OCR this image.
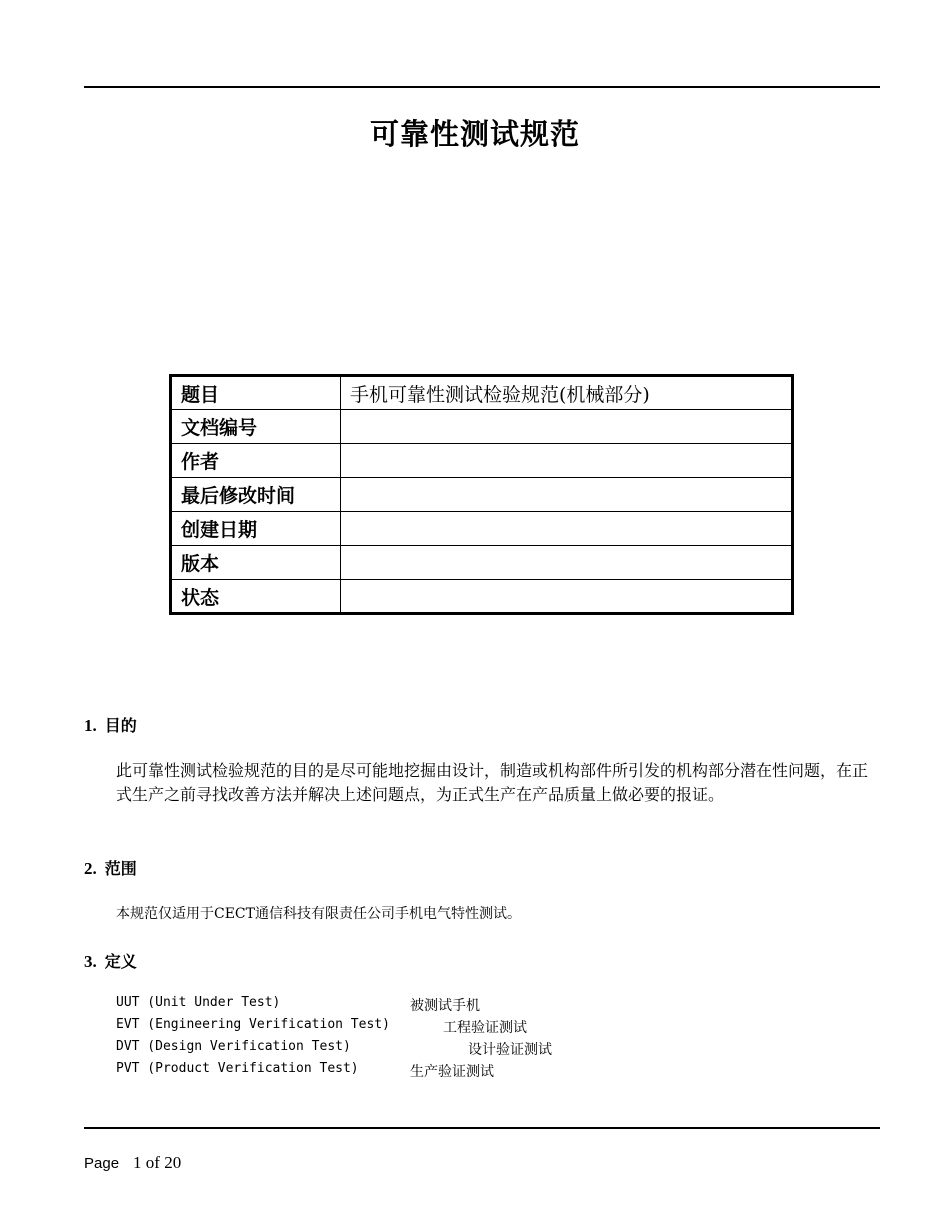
可靠性测试规范
题目	手机可靠性测试检验规范(机械部分)
文档编号	
作者	
最后修改时间	
创建日期	
版本	
状态	
1. 目的
此可靠性测试检验规范的目的是尽可能地挖掘由设计，制造或机构部件所引发的机构部分潜在性问题，在正式生产之前寻找改善方法并解决上述问题点，为正式生产在产品质量上做必要的报证。
2. 范围
本规范仅适用于CECT通信科技有限责任公司手机电气特性测试。
3. 定义
UUT (Unit Under Test)	被测试手机
EVT (Engineering Verification Test)	工程验证测试
DVT (Design Verification Test)	设计验证测试
PVT (Product Verification Test)	生产验证测试
Page 1 of 20
